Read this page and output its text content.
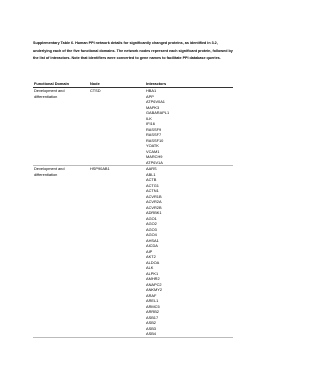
Supplementary Table 6. Human PPI network details for significantly changed proteins, as identified in 3.2, underlying each of the five functional domains. The network nodes represent each significant protein, followed by the list of interactors. Note that identifiers were converted to gene names to facilitate PPI database queries.

Functional Domain	Node	Interactors
Development and
differentiation
CTSD	HBA1
APP
ATP6V0A1
MAPK3
GABARAPL1
ILK
IFI16
RASSF9
RASSF7
RASSF10
YOATK
VCAM1
MARCH9
ATP6V1A
Development and
differentiation
HSP90AB1	AARS
ABL1
ACTB
ACTG1
ACTN1
ACVR1B
ACVR2A
ACVR2B
ADRBK1
AGO1
AGO2
AGO3
AGO4
AHSA1
AICDA
AIP
AKT2
ALDOA
ALK
ALPK1
AMHR2
ANAPC2
ANKMY2
ARAF
AREL1
ARMC5
ARRB2
ASB17
ASB2
ASB3
ASB4
